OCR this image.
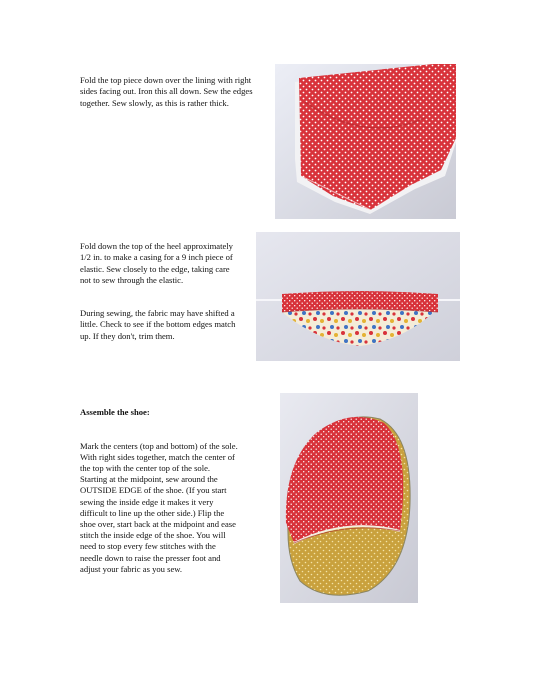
Fold the top piece down over the lining with right
sides facing out. Iron this all down. Sew the edges
together. Sew slowly, as this is rather thick.

Fold down the top of the heel approximately
1/2 in. to make a casing for a 9 inch piece of
elastic. Sew closely to the edge, taking care
not to sew through the elastic.

During sewing, the fabric may have shifted a
little. Check to see if the bottom edges match
up. If they don't, trim them.

Assemble the shoe:

Mark the centers (top and bottom) of the sole.
With right sides together, match the center of
the top with the center top of the sole.
Starting at the midpoint, sew around the
OUTSIDE EDGE of the shoe. (If you start
sewing the inside edge it makes it very
difficult to line up the other side.) Flip the
shoe over, start back at the midpoint and ease
stitch the inside edge of the shoe. You will
need to stop every few stitches with the
needle down to raise the presser foot and
adjust your fabric as you sew.
